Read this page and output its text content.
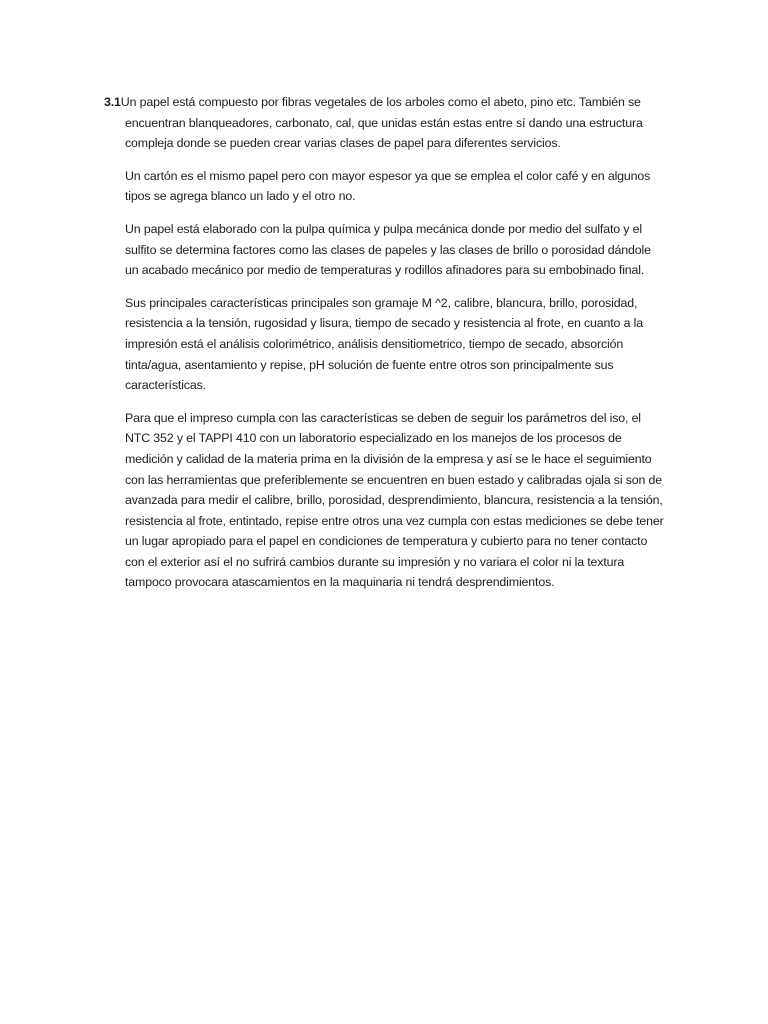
3.1Un papel está compuesto por fibras vegetales de los arboles como el abeto, pino etc. También se encuentran blanqueadores, carbonato, cal, que unidas están estas entre sí dando una estructura compleja donde se pueden crear varias clases de papel para diferentes servicios.

Un cartón es el mismo papel pero con mayor espesor ya que se emplea el color café y en algunos tipos se agrega blanco un lado y el otro no.

Un papel está elaborado con la pulpa química y pulpa mecánica donde por medio del sulfato y el sulfito se determina factores como las clases de papeles y las clases de brillo o porosidad dándole un acabado mecánico por medio de temperaturas y rodillos afinadores para su embobinado final.

Sus principales características principales son gramaje M ^2, calibre, blancura, brillo, porosidad, resistencia a la tensión, rugosidad y lisura, tiempo de secado y resistencia al frote, en cuanto a la impresión está el análisis colorimétrico, análisis densitiometrico, tiempo de secado, absorción tinta/agua, asentamiento y repise, pH solución de fuente entre otros son principalmente sus características.

Para que el impreso cumpla con las características se deben de seguir los parámetros del iso, el NTC 352 y el TAPPI 410 con un laboratorio especializado en los manejos de los procesos de medición y calidad de la materia prima en la división de la empresa y así se le hace el seguimiento con las herramientas que preferiblemente se encuentren en buen estado y calibradas ojala si son de avanzada para medir el calibre, brillo, porosidad, desprendimiento, blancura, resistencia a la tensión, resistencia al frote, entintado, repise entre otros una vez cumpla con estas mediciones se debe tener un lugar apropiado para el papel en condiciones de temperatura y cubierto para no tener contacto con el exterior así el no sufrirá cambios durante su impresión y no variara el color ni la textura tampoco provocara atascamientos en la maquinaria ni tendrá desprendimientos.
